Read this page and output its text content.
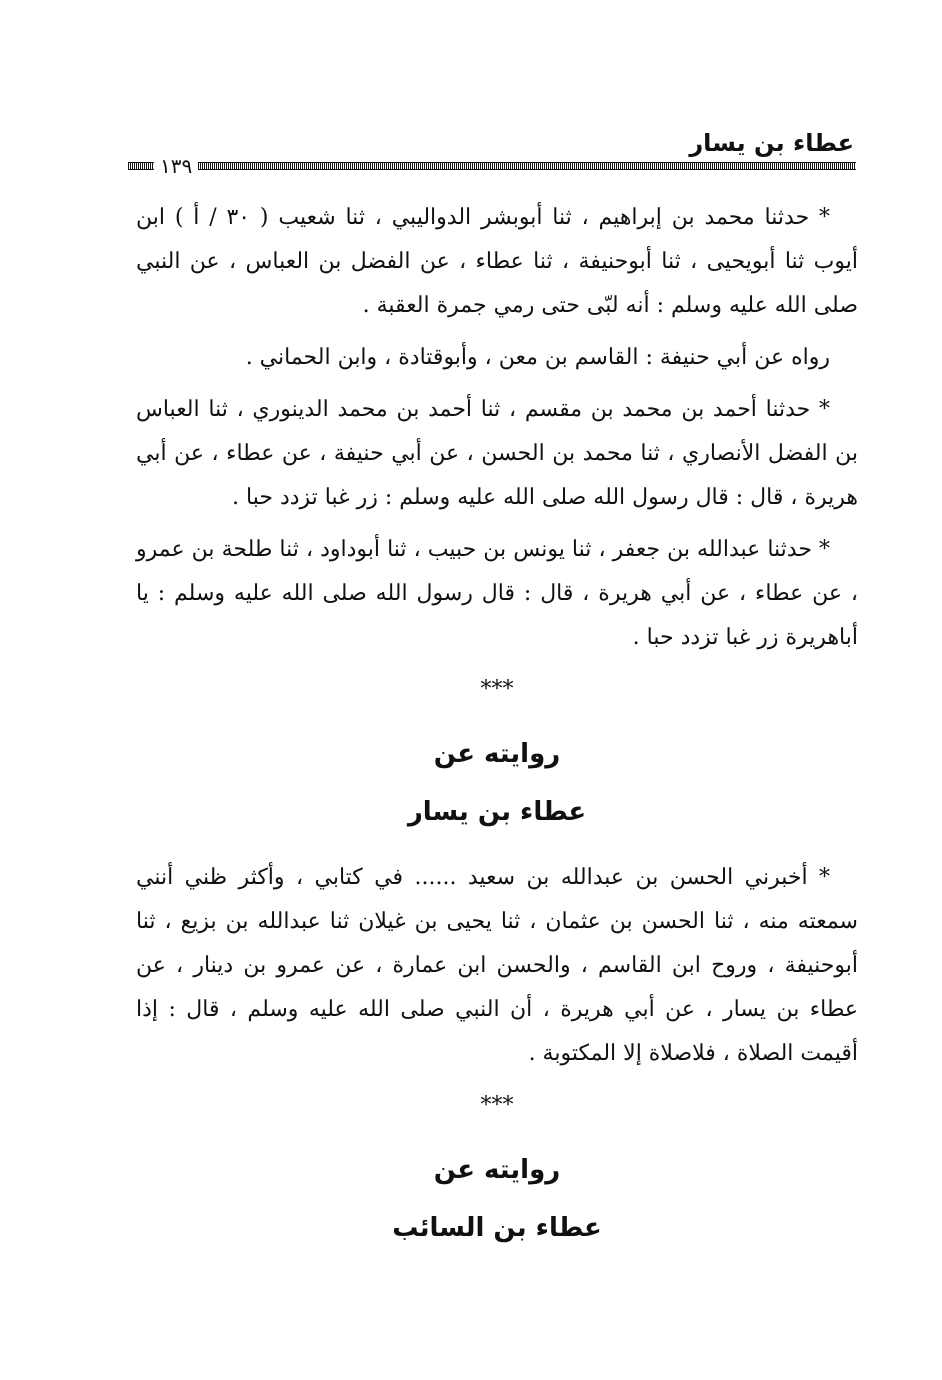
عطاء بن يسار
١٣٩

* حدثنا محمد بن إبراهيم ، ثنا أبوبشر الدواليبي ، ثنا شعيب ( ٣٠ / أ ) ابن أيوب ثنا أبويحيى ، ثنا أبوحنيفة ، ثنا عطاء ، عن الفضل بن العباس ، عن النبي صلى الله عليه وسلم : أنه لبّى حتى رمي جمرة العقبة .

رواه عن أبي حنيفة : القاسم بن معن ، وأبوقتادة ، وابن الحماني .

* حدثنا أحمد بن محمد بن مقسم ، ثنا أحمد بن محمد الدينوري ، ثنا العباس بن الفضل الأنصاري ، ثنا محمد بن الحسن ، عن أبي حنيفة ، عن عطاء ، عن أبي هريرة ، قال : قال رسول الله صلى الله عليه وسلم : زر غبا تزدد حبا .

* حدثنا عبدالله بن جعفر ، ثنا يونس بن حبيب ، ثنا أبوداود ، ثنا طلحة بن عمرو ، عن عطاء ، عن أبي هريرة ، قال : قال رسول الله صلى الله عليه وسلم : يا أباهريرة زر غبا تزدد حبا .

***

روايته عن
عطاء بن يسار

* أخبرني الحسن بن عبدالله بن سعيد ...... في كتابي ، وأكثر ظني أنني سمعته منه ، ثنا الحسن بن عثمان ، ثنا يحيى بن غيلان ثنا عبدالله بن بزيع ، ثنا أبوحنيفة ، وروح ابن القاسم ، والحسن ابن عمارة ، عن عمرو بن دينار ، عن عطاء بن يسار ، عن أبي هريرة ، أن النبي صلى الله عليه وسلم ، قال : إذا أقيمت الصلاة ، فلاصلاة إلا المكتوبة .

***

روايته عن
عطاء بن السائب
